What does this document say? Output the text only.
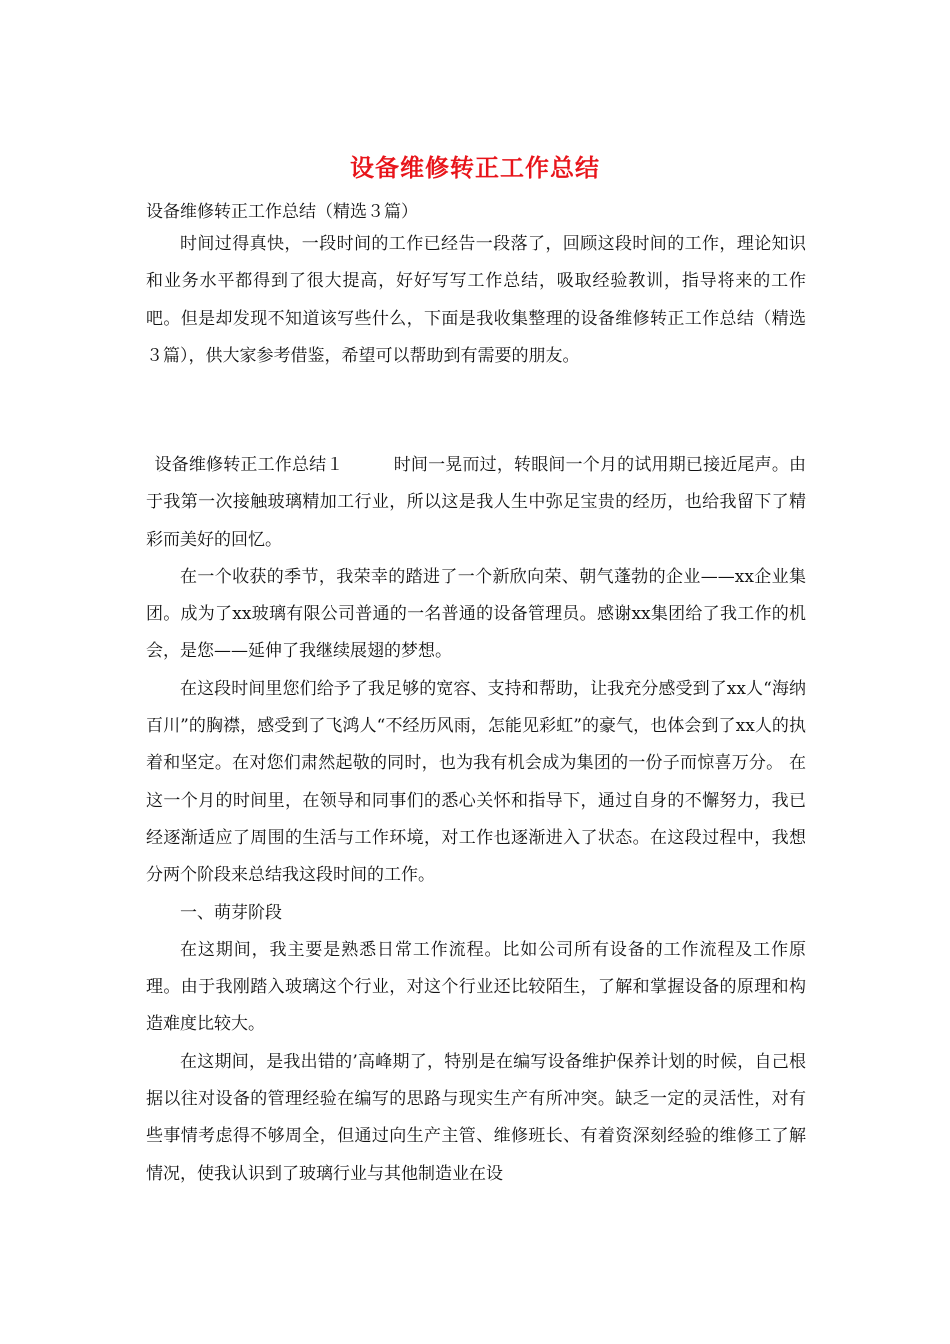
设备维修转正工作总结
设备维修转正工作总结（精选３篇）

时间过得真快，一段时间的工作已经告一段落了，回顾这段时间的工作，理论知识和业务水平都得到了很大提高，好好写写工作总结，吸取经验教训，指导将来的工作吧。但是却发现不知道该写些什么，下面是我收集整理的设备维修转正工作总结（精选３篇），供大家参考借鉴，希望可以帮助到有需要的朋友。

设备维修转正工作总结１	时间一晃而过，转眼间一个月的试用期已接近尾声。由于我第一次接触玻璃精加工行业，所以这是我人生中弥足宝贵的经历，也给我留下了精彩而美好的回忆。

在一个收获的季节，我荣幸的踏进了一个新欣向荣、朝气蓬勃的企业——xx企业集团。成为了xx玻璃有限公司普通的一名普通的设备管理员。感谢xx集团给了我工作的机会，是您——延伸了我继续展翅的梦想。

在这段时间里您们给予了我足够的宽容、支持和帮助，让我充分感受到了xx人“海纳百川”的胸襟，感受到了飞鸿人“不经历风雨，怎能见彩虹”的豪气，也体会到了xx人的执着和坚定。在对您们肃然起敬的同时，也为我有机会成为集团的一份子而惊喜万分。 在这一个月的时间里，在领导和同事们的悉心关怀和指导下，通过自身的不懈努力，我已经逐渐适应了周围的生活与工作环境，对工作也逐渐进入了状态。在这段过程中，我想分两个阶段来总结我这段时间的工作。

一、萌芽阶段

在这期间，我主要是熟悉日常工作流程。比如公司所有设备的工作流程及工作原理。由于我刚踏入玻璃这个行业，对这个行业还比较陌生，了解和掌握设备的原理和构造难度比较大。

在这期间，是我出错的’高峰期了，特别是在编写设备维护保养计划的时候，自己根据以往对设备的管理经验在编写的思路与现实生产有所冲突。缺乏一定的灵活性，对有些事情考虑得不够周全，但通过向生产主管、维修班长、有着资深刻经验的维修工了解情况，使我认识到了玻璃行业与其他制造业在设
